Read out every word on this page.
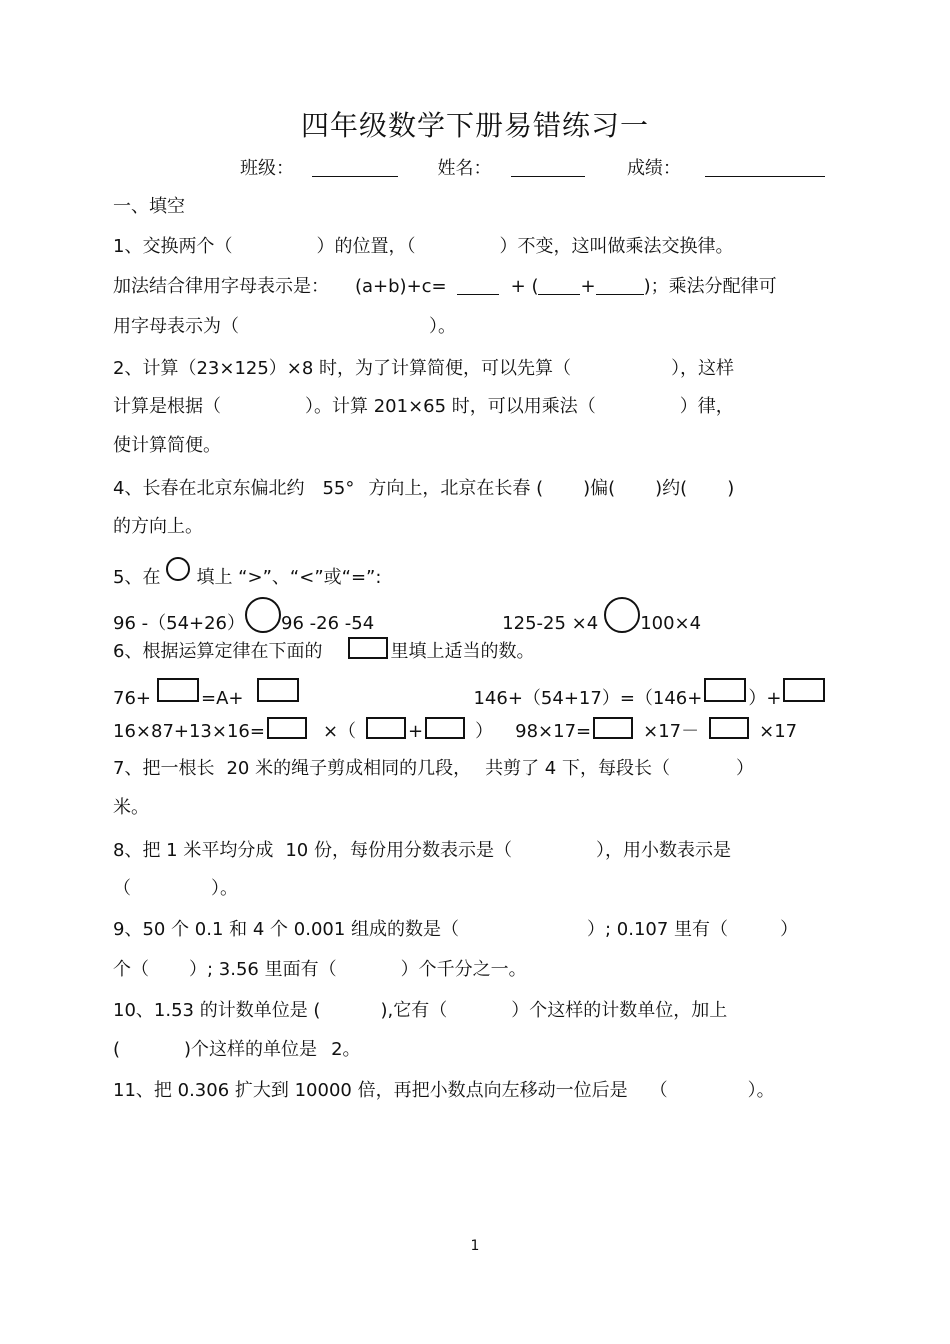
四年级数学下册易错练习一
班级：	姓名：	成绩：
一、填空
1、交换两个（	）的位置，（	）不变，这叫做乘法交换律。
加法结合律用字母表示是： (a+b)+c=	+ ( +	)；乘法分配律可
用字母表示为（	）。
2、计算（23×125）×8 时，为了计算简便，可以先算（	），这样
计算是根据（	）。计算 201×65 时，可以用乘法（	）律，
使计算简便。
4、长春在北京东偏北约 55° 方向上，北京在长春 ( )偏( )约( )
的方向上。
5、在 填上 “>”、“<”或“=”:
96 -（54+26） 96 -26 -54	125-25 ×4 100×4
6、根据运算定律在下面的	里填上适当的数。
76+	=A+	146+（54+17）=（146+	）+
16×87+13×16=	×（	+	） 98×17=	×17－	×17
7、把一根长 20 米的绳子剪成相同的几段， 共剪了 4 下，每段长（	）
米。
8、把 1 米平均分成 10 份，每份用分数表示是（	），用小数表示是
（	）。
9、50 个 0.1 和 4 个 0.001 组成的数是（	）; 0.107 里有（	）
个（ ）; 3.56 里面有（	）个千分之一。
10、1.53 的计数单位是 (	),它有（	）个这样的计数单位，加上
(	)个这样的单位是 2。
11、把 0.306 扩大到 10000 倍，再把小数点向左移动一位后是 （	）。
1
